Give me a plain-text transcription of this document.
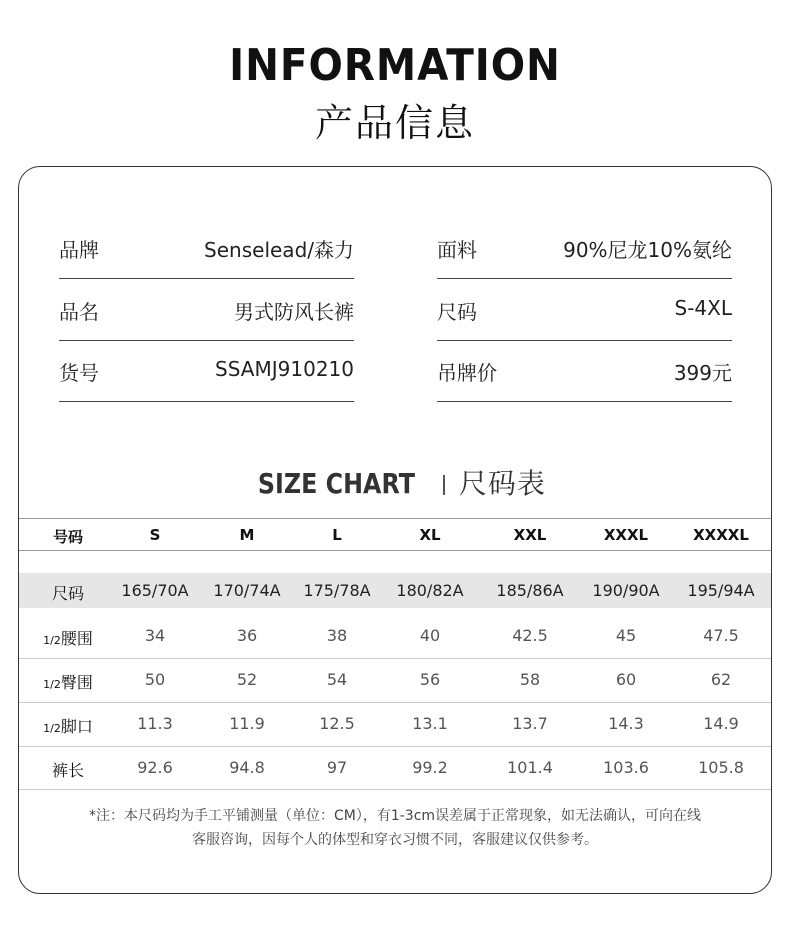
INFORMATION
产品信息
品牌	Senselead/森力
品名	男式防风长裤
货号	SSAMJ910210
面料	90%尼龙10%氨纶
尺码	S-4XL
吊牌价	399元
SIZE CHART 尺码表
号码	S	M	L	XL	XXL	XXXL	XXXXL
尺码 165/70A 170/74A 175/78A 180/82A 185/86A 190/90A 195/94A
1/2腰围	34	36	38	40	42.5	45	47.5
1/2臀围	50	52	54	56	58	60	62
1/2脚口	11.3	11.9	12.5	13.1	13.7	14.3	14.9
裤长	92.6	94.8	97	99.2	101.4	103.6	105.8
*注：本尺码均为手工平铺测量（单位：CM），有1-3cm误差属于正常现象，如无法确认，可向在线
客服咨询，因每个人的体型和穿衣习惯不同，客服建议仅供参考。
